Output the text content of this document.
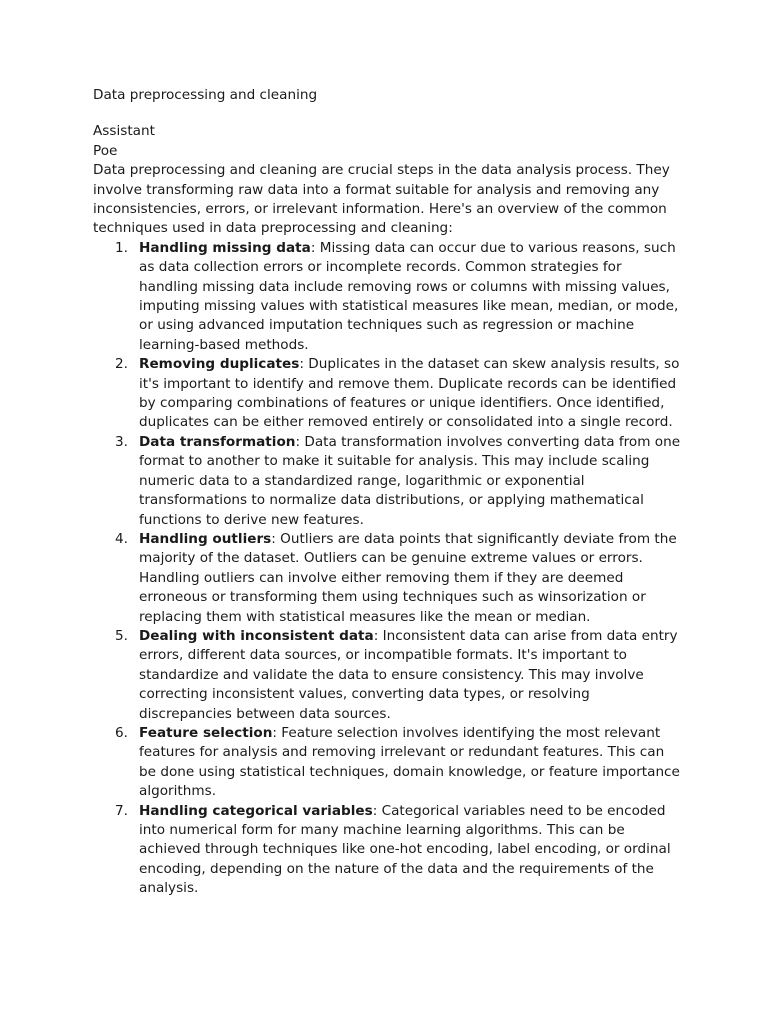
Data preprocessing and cleaning

Assistant

Poe

Data preprocessing and cleaning are crucial steps in the data analysis process. They involve transforming raw data into a format suitable for analysis and removing any inconsistencies, errors, or irrelevant information. Here's an overview of the common techniques used in data preprocessing and cleaning:

1. Handling missing data: Missing data can occur due to various reasons, such as data collection errors or incomplete records. Common strategies for handling missing data include removing rows or columns with missing values, imputing missing values with statistical measures like mean, median, or mode, or using advanced imputation techniques such as regression or machine learning-based methods.
2. Removing duplicates: Duplicates in the dataset can skew analysis results, so it's important to identify and remove them. Duplicate records can be identified by comparing combinations of features or unique identifiers. Once identified, duplicates can be either removed entirely or consolidated into a single record.
3. Data transformation: Data transformation involves converting data from one format to another to make it suitable for analysis. This may include scaling numeric data to a standardized range, logarithmic or exponential transformations to normalize data distributions, or applying mathematical functions to derive new features.
4. Handling outliers: Outliers are data points that significantly deviate from the majority of the dataset. Outliers can be genuine extreme values or errors. Handling outliers can involve either removing them if they are deemed erroneous or transforming them using techniques such as winsorization or replacing them with statistical measures like the mean or median.
5. Dealing with inconsistent data: Inconsistent data can arise from data entry errors, different data sources, or incompatible formats. It's important to standardize and validate the data to ensure consistency. This may involve correcting inconsistent values, converting data types, or resolving discrepancies between data sources.
6. Feature selection: Feature selection involves identifying the most relevant features for analysis and removing irrelevant or redundant features. This can be done using statistical techniques, domain knowledge, or feature importance algorithms.
7. Handling categorical variables: Categorical variables need to be encoded into numerical form for many machine learning algorithms. This can be achieved through techniques like one-hot encoding, label encoding, or ordinal encoding, depending on the nature of the data and the requirements of the analysis.
